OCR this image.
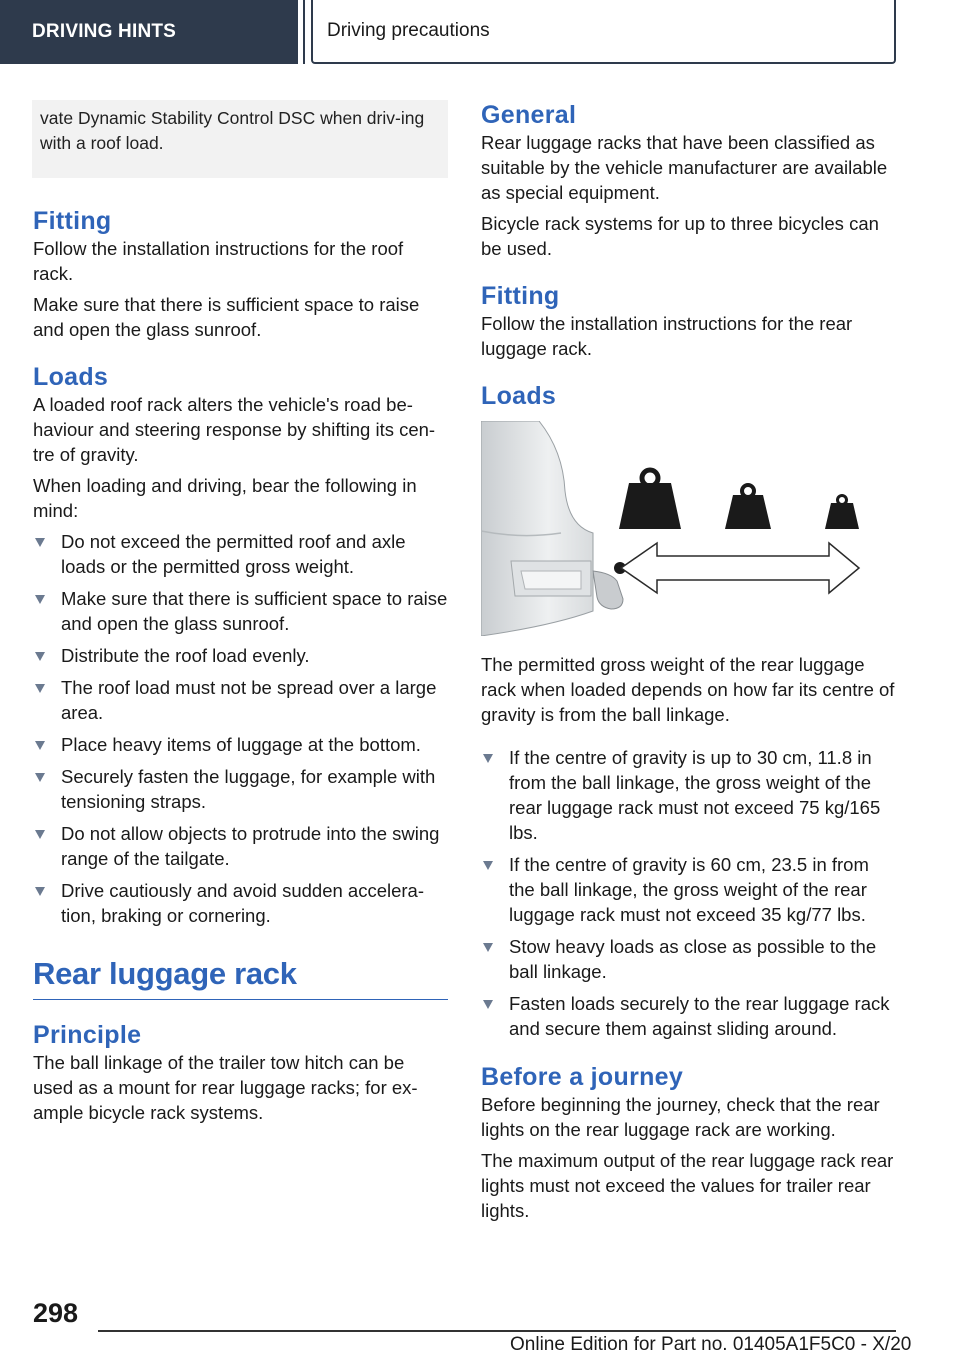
DRIVING HINTS	Driving precautions

vate Dynamic Stability Control DSC when driv-ing with a roof load.

Fitting

Follow the installation instructions for the roof rack.

Make sure that there is sufficient space to raise and open the glass sunroof.

Loads

A loaded roof rack alters the vehicle's road be-haviour and steering response by shifting its cen-tre of gravity.

When loading and driving, bear the following in mind:

Do not exceed the permitted roof and axle loads or the permitted gross weight.
Make sure that there is sufficient space to raise and open the glass sunroof.
Distribute the roof load evenly.
The roof load must not be spread over a large area.
Place heavy items of luggage at the bottom.
Securely fasten the luggage, for example with tensioning straps.
Do not allow objects to protrude into the swing range of the tailgate.
Drive cautiously and avoid sudden accelera-tion, braking or cornering.
Rear luggage rack
Principle

The ball linkage of the trailer tow hitch can be used as a mount for rear luggage racks; for ex-ample bicycle rack systems.

General

Rear luggage racks that have been classified as suitable by the vehicle manufacturer are available as special equipment.

Bicycle rack systems for up to three bicycles can be used.

Fitting

Follow the installation instructions for the rear luggage rack.

Loads

The permitted gross weight of the rear luggage rack when loaded depends on how far its centre of gravity is from the ball linkage.

If the centre of gravity is up to 30 cm, 11.8 in from the ball linkage, the gross weight of the rear luggage rack must not exceed 75 kg/165 lbs.
If the centre of gravity is 60 cm, 23.5 in from the ball linkage, the gross weight of the rear luggage rack must not exceed 35 kg/77 lbs.
Stow heavy loads as close as possible to the ball linkage.
Fasten loads securely to the rear luggage rack and secure them against sliding around.
Before a journey

Before beginning the journey, check that the rear lights on the rear luggage rack are working.

The maximum output of the rear luggage rack rear lights must not exceed the values for trailer rear lights.

298
Online Edition for Part no. 01405A1F5C0 - X/20
